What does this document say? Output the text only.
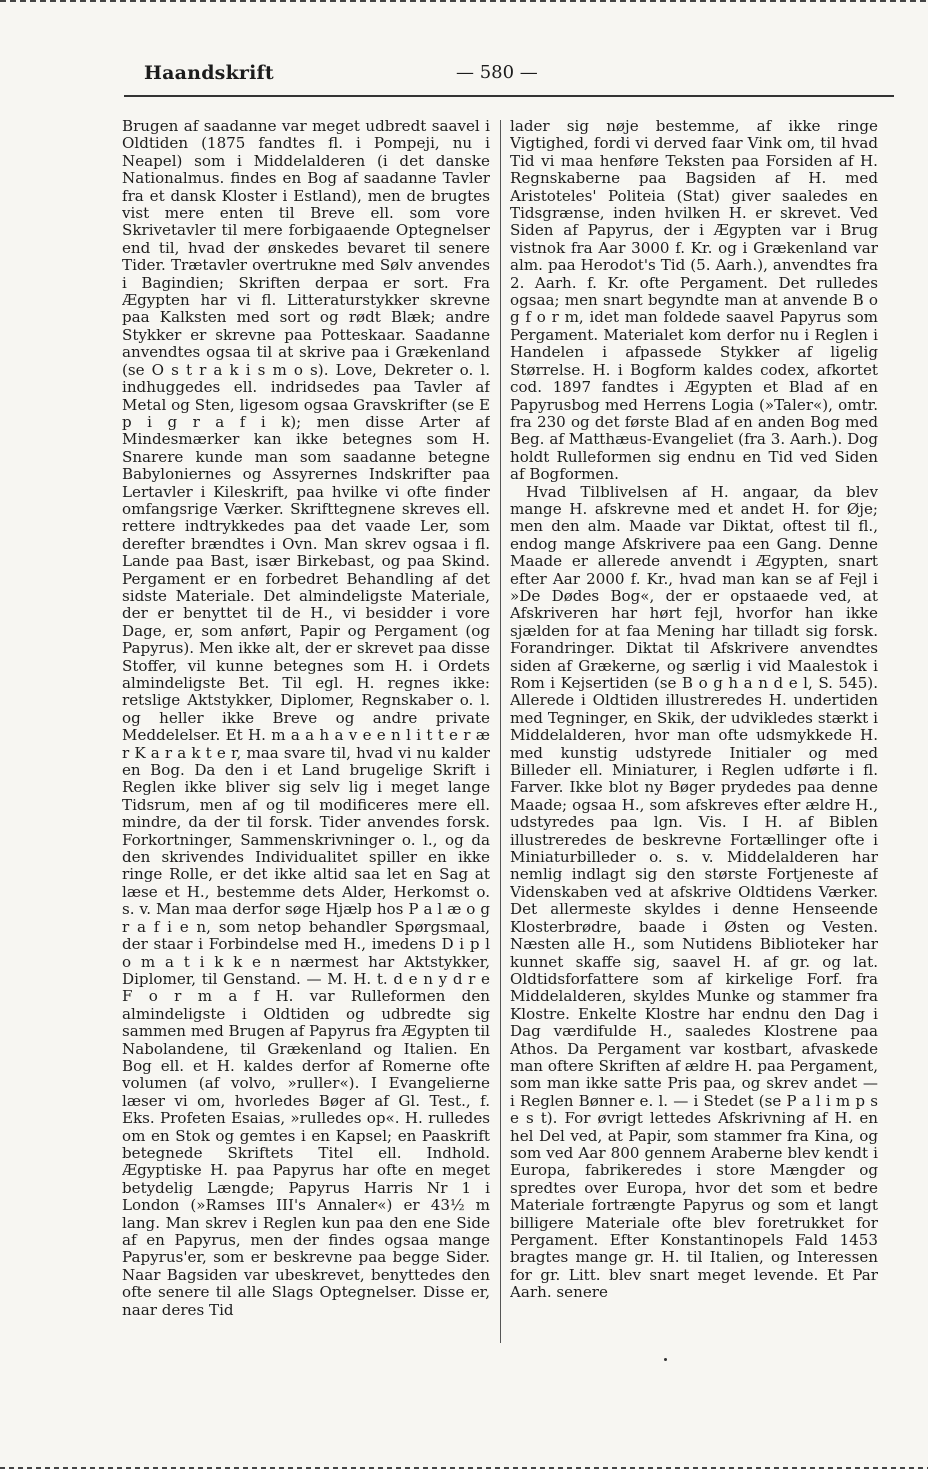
Haandskrift	— 580 —

Brugen af saadanne var meget udbredt saavel i Oldtiden (1875 fandtes fl. i Pompeji, nu i Neapel) som i Middelalderen (i det danske Nationalmus. findes en Bog af saadanne Tavler fra et dansk Kloster i Estland), men de brugtes vist mere enten til Breve ell. som vore Skrivetavler til mere forbigaaende Optegnelser end til, hvad der ønskedes bevaret til senere Tider. Trætavler overtrukne med Sølv anvendes i Bagindien; Skriften derpaa er sort. Fra Ægypten har vi fl. Litteraturstykker skrevne paa Kalksten med sort og rødt Blæk; andre Stykker er skrevne paa Potteskaar. Saadanne anvendtes ogsaa til at skrive paa i Grækenland (se O s t r a k i s m o s). Love, Dekreter o. l. indhuggedes ell. indridsedes paa Tavler af Metal og Sten, ligesom ogsaa Gravskrifter (se E p i g r a f i k); men disse Arter af Mindesmærker kan ikke betegnes som H. Snarere kunde man som saadanne betegne Babyloniernes og Assyrernes Indskrifter paa Lertavler i Kileskrift, paa hvilke vi ofte finder omfangsrige Værker. Skrifttegnene skreves ell. rettere indtrykkedes paa det vaade Ler, som derefter brændtes i Ovn. Man skrev ogsaa i fl. Lande paa Bast, især Birkebast, og paa Skind. Pergament er en forbedret Behandling af det sidste Materiale. Det almindeligste Materiale, der er benyttet til de H., vi besidder i vore Dage, er, som anført, Papir og Pergament (og Papyrus). Men ikke alt, der er skrevet paa disse Stoffer, vil kunne betegnes som H. i Ordets almindeligste Bet. Til egl. H. regnes ikke: retslige Aktstykker, Diplomer, Regnskaber o. l. og heller ikke Breve og andre private Meddelelser. Et H. m a a h a v e e n l i t t e r æ r K a r a k t e r, maa svare til, hvad vi nu kalder en Bog. Da den i et Land brugelige Skrift i Reglen ikke bliver sig selv lig i meget lange Tidsrum, men af og til modificeres mere ell. mindre, da der til forsk. Tider anvendes forsk. Forkortninger, Sammenskrivninger o. l., og da den skrivendes Individualitet spiller en ikke ringe Rolle, er det ikke altid saa let en Sag at læse et H., bestemme dets Alder, Herkomst o. s. v. Man maa derfor søge Hjælp hos P a l æ o g r a f i e n, som netop behandler Spørgsmaal, der staar i Forbindelse med H., imedens D i p l o m a t i k k e n nærmest har Aktstykker, Diplomer, til Genstand. — M. H. t. d e n y d r e F o r m a f H. var Rulleformen den almindeligste i Oldtiden og udbredte sig sammen med Brugen af Papyrus fra Ægypten til Nabolandene, til Grækenland og Italien. En Bog ell. et H. kaldes derfor af Romerne ofte volumen (af volvo, »ruller«). I Evangelierne læser vi om, hvorledes Bøger af Gl. Test., f. Eks. Profeten Esaias, »rulledes op«. H. rulledes om en Stok og gemtes i en Kapsel; en Paaskrift betegnede Skriftets Titel ell. Indhold. Ægyptiske H. paa Papyrus har ofte en meget betydelig Længde; Papyrus Harris Nr 1 i London (»Ramses III's Annaler«) er 43½ m lang. Man skrev i Reglen kun paa den ene Side af en Papyrus, men der findes ogsaa mange Papyrus'er, som er beskrevne paa begge Sider. Naar Bagsiden var ubeskrevet, benyttedes den ofte senere til alle Slags Optegnelser. Disse er, naar deres Tid

lader sig nøje bestemme, af ikke ringe Vigtighed, fordi vi derved faar Vink om, til hvad Tid vi maa henføre Teksten paa Forsiden af H. Regnskaberne paa Bagsiden af H. med Aristoteles' Politeia (Stat) giver saaledes en Tidsgrænse, inden hvilken H. er skrevet. Ved Siden af Papyrus, der i Ægypten var i Brug vistnok fra Aar 3000 f. Kr. og i Grækenland var alm. paa Herodot's Tid (5. Aarh.), anvendtes fra 2. Aarh. f. Kr. ofte Pergament. Det rulledes ogsaa; men snart begyndte man at anvende B o g f o r m, idet man foldede saavel Papyrus som Pergament. Materialet kom derfor nu i Reglen i Handelen i afpassede Stykker af ligelig Størrelse. H. i Bogform kaldes codex, afkortet cod. 1897 fandtes i Ægypten et Blad af en Papyrusbog med Herrens Logia (»Taler«), omtr. fra 230 og det første Blad af en anden Bog med Beg. af Matthæus-Evangeliet (fra 3. Aarh.). Dog holdt Rulleformen sig endnu en Tid ved Siden af Bogformen.

Hvad Tilblivelsen af H. angaar, da blev mange H. afskrevne med et andet H. for Øje; men den alm. Maade var Diktat, oftest til fl., endog mange Afskrivere paa een Gang. Denne Maade er allerede anvendt i Ægypten, snart efter Aar 2000 f. Kr., hvad man kan se af Fejl i »De Dødes Bog«, der er opstaaede ved, at Afskriveren har hørt fejl, hvorfor han ikke sjælden for at faa Mening har tilladt sig forsk. Forandringer. Diktat til Afskrivere anvendtes siden af Grækerne, og særlig i vid Maalestok i Rom i Kejsertiden (se B o g h a n d e l, S. 545). Allerede i Oldtiden illustreredes H. undertiden med Tegninger, en Skik, der udvikledes stærkt i Middelalderen, hvor man ofte udsmykkede H. med kunstig udstyrede Initialer og med Billeder ell. Miniaturer, i Reglen udførte i fl. Farver. Ikke blot ny Bøger prydedes paa denne Maade; ogsaa H., som afskreves efter ældre H., udstyredes paa lgn. Vis. I H. af Biblen illustreredes de beskrevne Fortællinger ofte i Miniaturbilleder o. s. v. Middelalderen har nemlig indlagt sig den største Fortjeneste af Videnskaben ved at afskrive Oldtidens Værker. Det allermeste skyldes i denne Henseende Klosterbrødre, baade i Østen og Vesten. Næsten alle H., som Nutidens Biblioteker har kunnet skaffe sig, saavel H. af gr. og lat. Oldtidsforfattere som af kirkelige Forf. fra Middelalderen, skyldes Munke og stammer fra Klostre. Enkelte Klostre har endnu den Dag i Dag værdifulde H., saaledes Klostrene paa Athos. Da Pergament var kostbart, afvaskede man oftere Skriften af ældre H. paa Pergament, som man ikke satte Pris paa, og skrev andet — i Reglen Bønner e. l. — i Stedet (se P a l i m p s e s t). For øvrigt lettedes Afskrivning af H. en hel Del ved, at Papir, som stammer fra Kina, og som ved Aar 800 gennem Araberne blev kendt i Europa, fabrikeredes i store Mængder og spredtes over Europa, hvor det som et bedre Materiale fortrængte Papyrus og som et langt billigere Materiale ofte blev foretrukket for Pergament. Efter Konstantinopels Fald 1453 bragtes mange gr. H. til Italien, og Interessen for gr. Litt. blev snart meget levende. Et Par Aarh. senere
